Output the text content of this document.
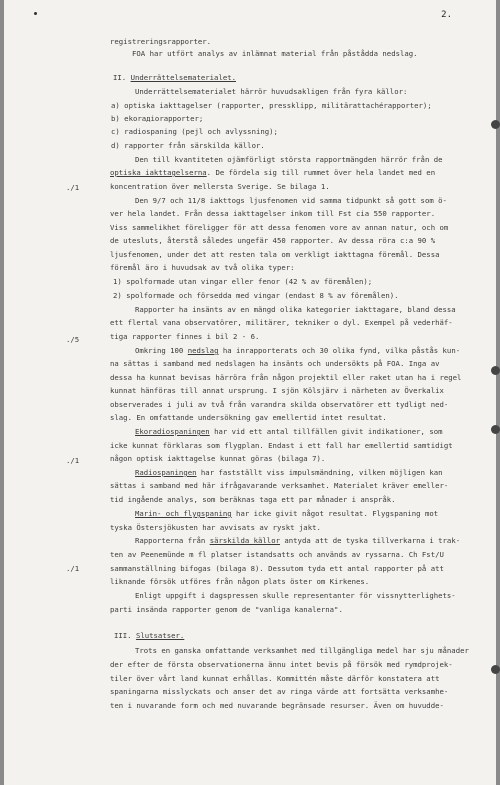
2.
./1
./5
./1
./1
registreringsrapporter.
FOA har utfört analys av inlämnat material från påstådda nedslag.
II. Underrättelsematerialet.
Underrättelsematerialet härrör huvudsakligen från fyra källor:
a) optiska iakttagelser (rapporter, pressklipp, militärattachérapporter);
b) ekorадiorapporter;
c) radiospaning (pejl och avlyssning);
d) rapporter från särskilda källor.
Den till kvantiteten ojämförligt största rapportmängden härrör från de
optiska iakttagelserna. De fördela sig till rummet över hela landet med en
koncentration över mellersta Sverige. Se bilaga 1.
Den 9/7 och 11/8 iakttogs ljusfenomen vid samma tidpunkt så gott som ö-
ver hela landet. Från dessa iakttagelser inkom till Fst cia 550 rapporter.
Viss sammelikhet föreligger för att dessa fenomen vore av annan natur, och om
de utesluts, återstå således ungefär 450 rapporter. Av dessa röra c:a 90 %
ljusfenomen, under det att resten tala om verkligt iakttagna föremål. Dessa
föremål äro i huvudsak av två olika typer:
1) spolformade utan vingar eller fenor (42 % av föremålen);
2) spolformade och försedda med vingar (endast 8 % av föremålen).
Rapporter ha insänts av en mängd olika kategorier iakttagare, bland dessa
ett flertal vana observatörer, militärer, tekniker o dyl. Exempel på vederhäf-
tiga rapporter finnes i bil 2 - 6.
Omkring 100 nedslag ha inrapporterats och 30 olika fynd, vilka påstås kun-
na sättas i samband med nedslagen ha insänts och undersökts på FOA. Inga av
dessa ha kunnat bevisas härröra från någon projektil eller raket utan ha i regel
kunnat hänföras till annat ursprung. I sjön Kölsjärv i närheten av Överkalix
observerades i juli av två från varandra skilda observatörer ett tydligt ned-
slag. En omfattande undersökning gav emellertid intet resultat.
Ekoradiospaningen har vid ett antal tillfällen givit indikationer, som
icke kunnat förklaras som flygplan. Endast i ett fall har emellertid samtidigt
någon optisk iakttagelse kunnat göras (bilaga 7).
Radiospaningen har fastställt viss impulsmändning, vilken möjligen kan
sättas i samband med här ifrågavarande verksamhet. Materialet kräver emeller-
tid ingående analys, som beräknas taga ett par månader i anspråk.
Marin- och flygspaning har icke givit något resultat. Flygspaning mot
tyska Östersjökusten har avvisats av ryskt jakt.
Rapporterna från särskilda källor antyda att de tyska tillverkarna i trak-
ten av Peenemünde m fl platser istandsatts och används av ryssarna. Ch Fst/U
sammanställning bifogas (bilaga 8). Dessutom tyda ett antal rapporter på att
liknande försök utföres från någon plats öster om Kirkenes.
Enligt uppgift i dagspressen skulle representanter för vissnytterlighets-
parti insända rapporter genom de "vanliga kanalerna".
III. Slutsatser.
Trots en ganska omfattande verksamhet med tillgängliga medel har sju månader
der efter de första observationerna ännu intet bevis på försök med rymdprojek-
tiler över vårt land kunnat erhållas. Kommittén måste därför konstatera att
spaningarna misslyckats och anser det av ringa värde att fortsätta verksamhe-
ten i nuvarande form och med nuvarande begränsade resurser. Även om huvudde-
